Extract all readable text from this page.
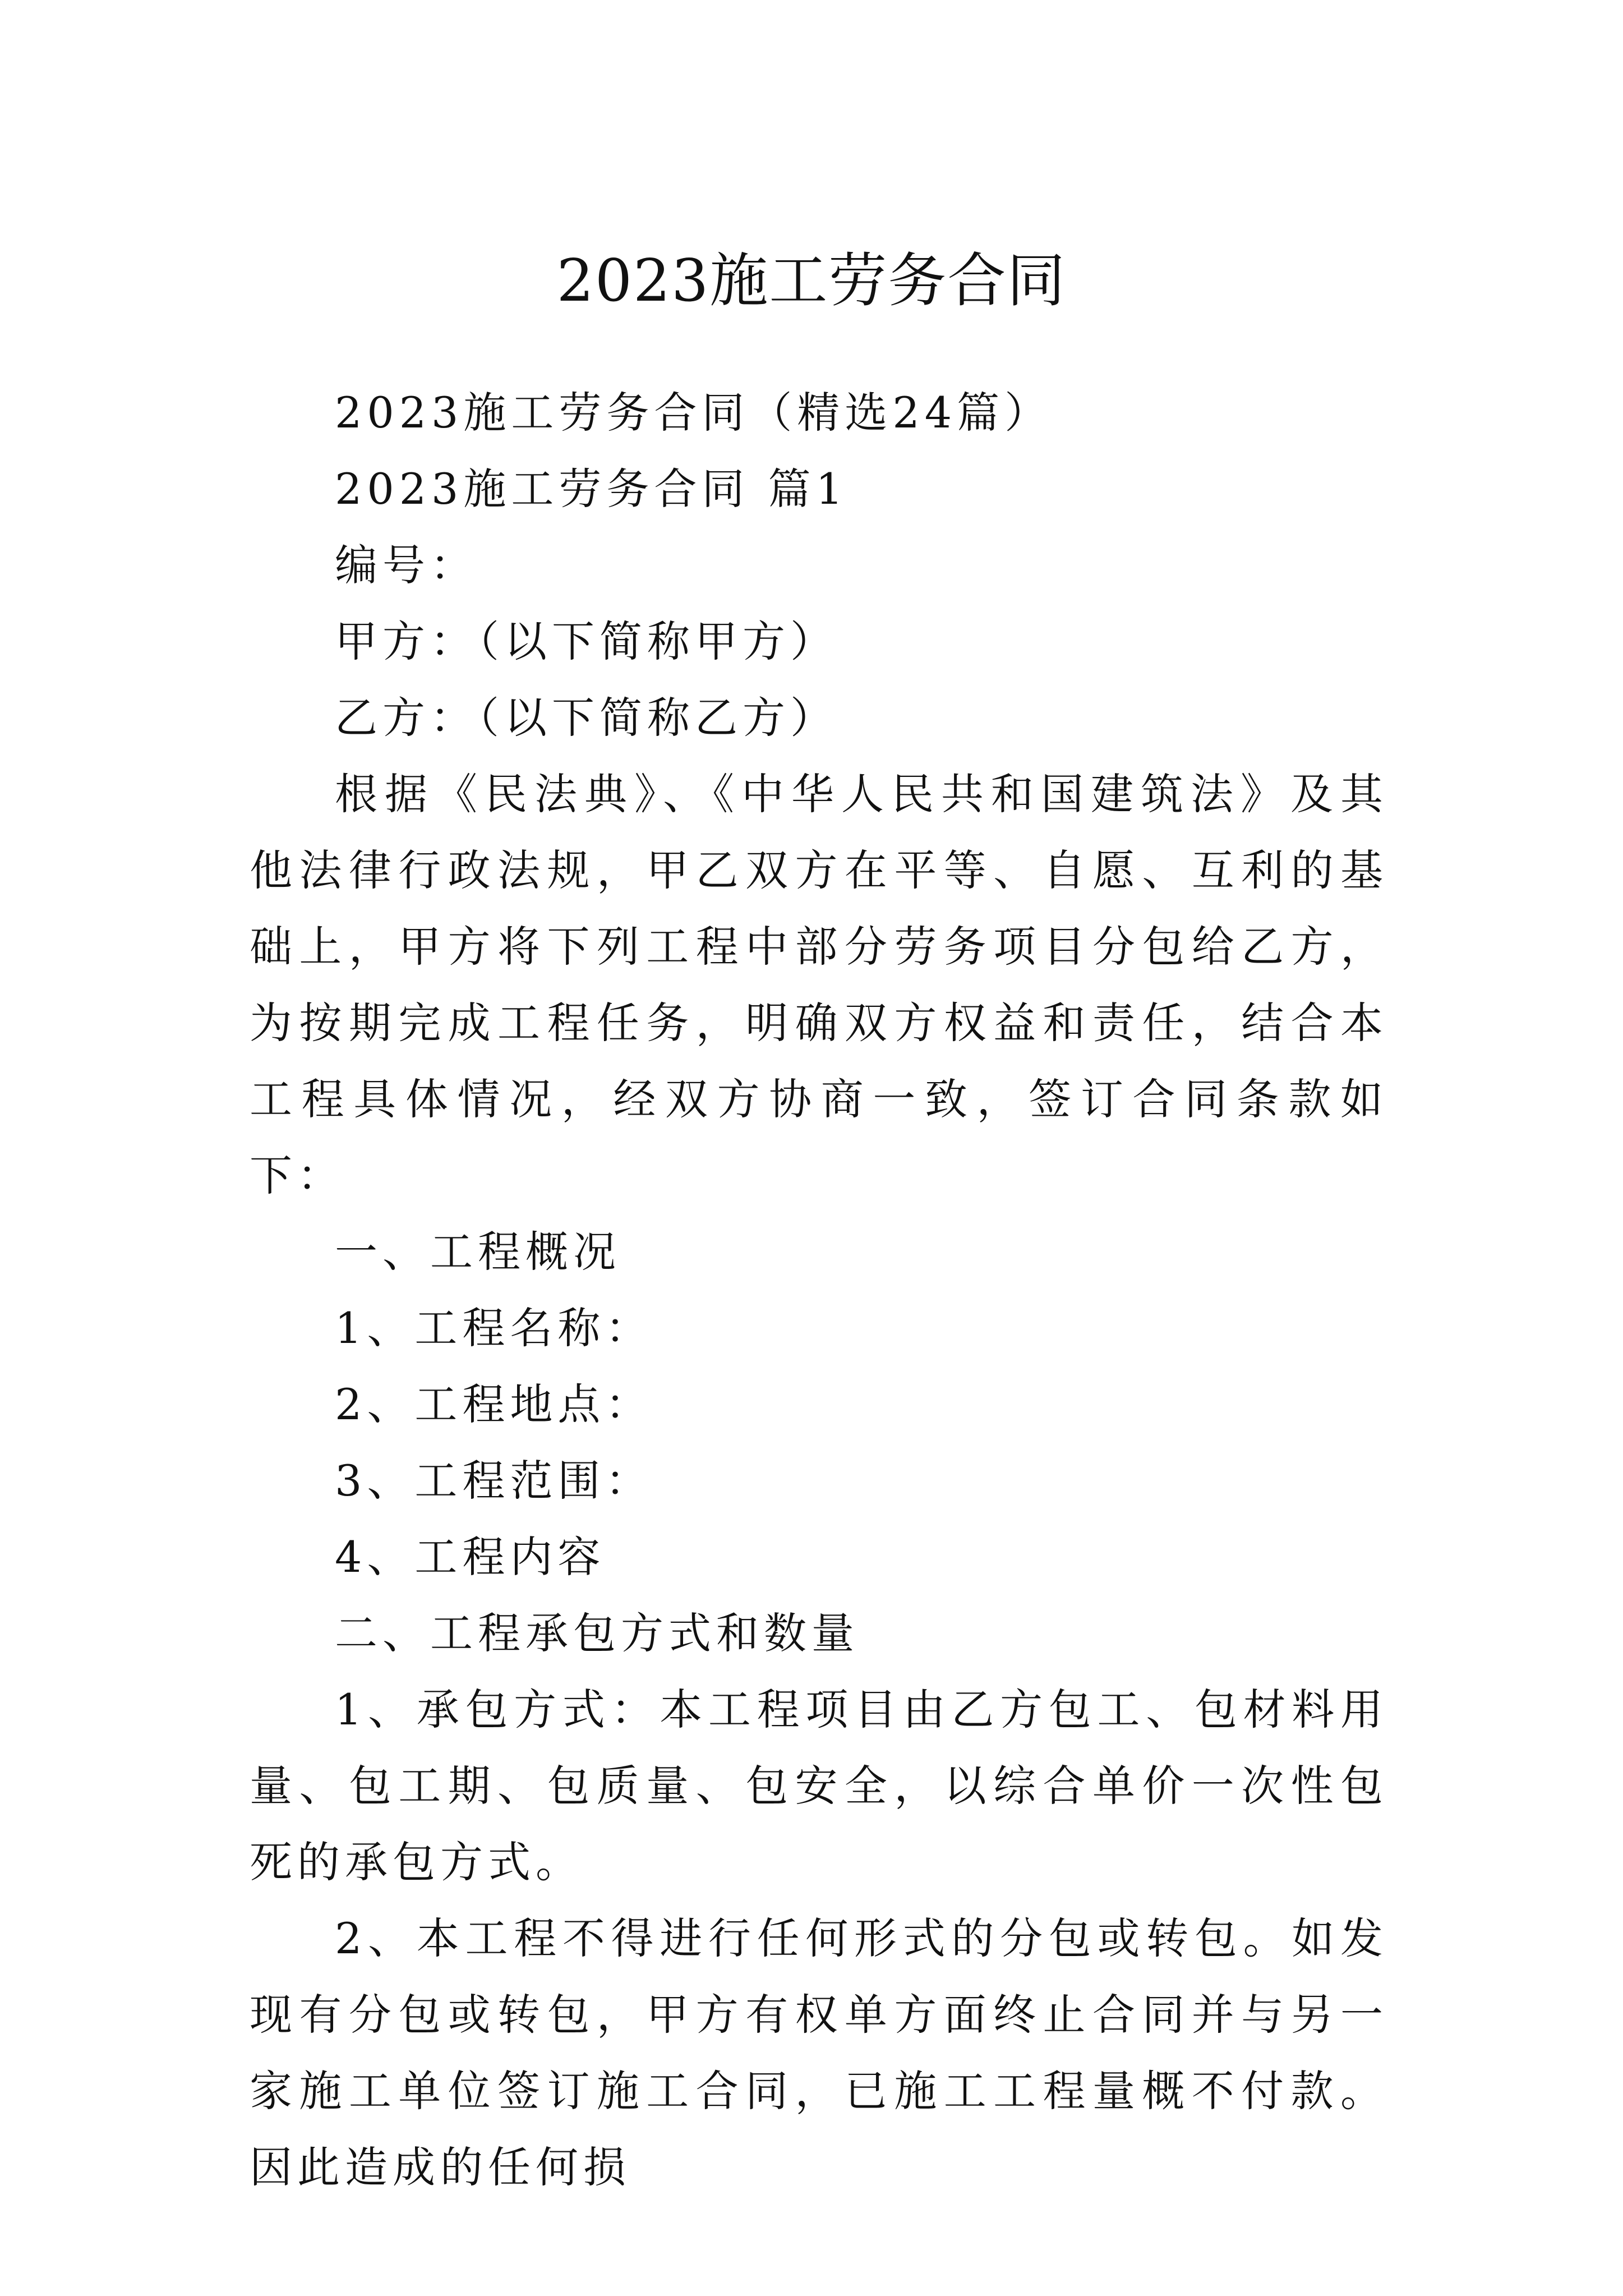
2023施工劳务合同

2023施工劳务合同（精选24篇）

2023施工劳务合同 篇1

编号：

甲方：（以下简称甲方）

乙方：（以下简称乙方）

根据《民法典》、《中华人民共和国建筑法》及其他法律行政法规，甲乙双方在平等、自愿、互利的基础上，甲方将下列工程中部分劳务项目分包给乙方，为按期完成工程任务，明确双方权益和责任，结合本工程具体情况，经双方协商一致，签订合同条款如下：

一、工程概况

1、工程名称：

2、工程地点：

3、工程范围：

4、工程内容

二、工程承包方式和数量

1、承包方式：本工程项目由乙方包工、包材料用量、包工期、包质量、包安全，以综合单价一次性包死的承包方式。

2、本工程不得进行任何形式的分包或转包。如发现有分包或转包，甲方有权单方面终止合同并与另一家施工单位签订施工合同，已施工工程量概不付款。因此造成的任何损
